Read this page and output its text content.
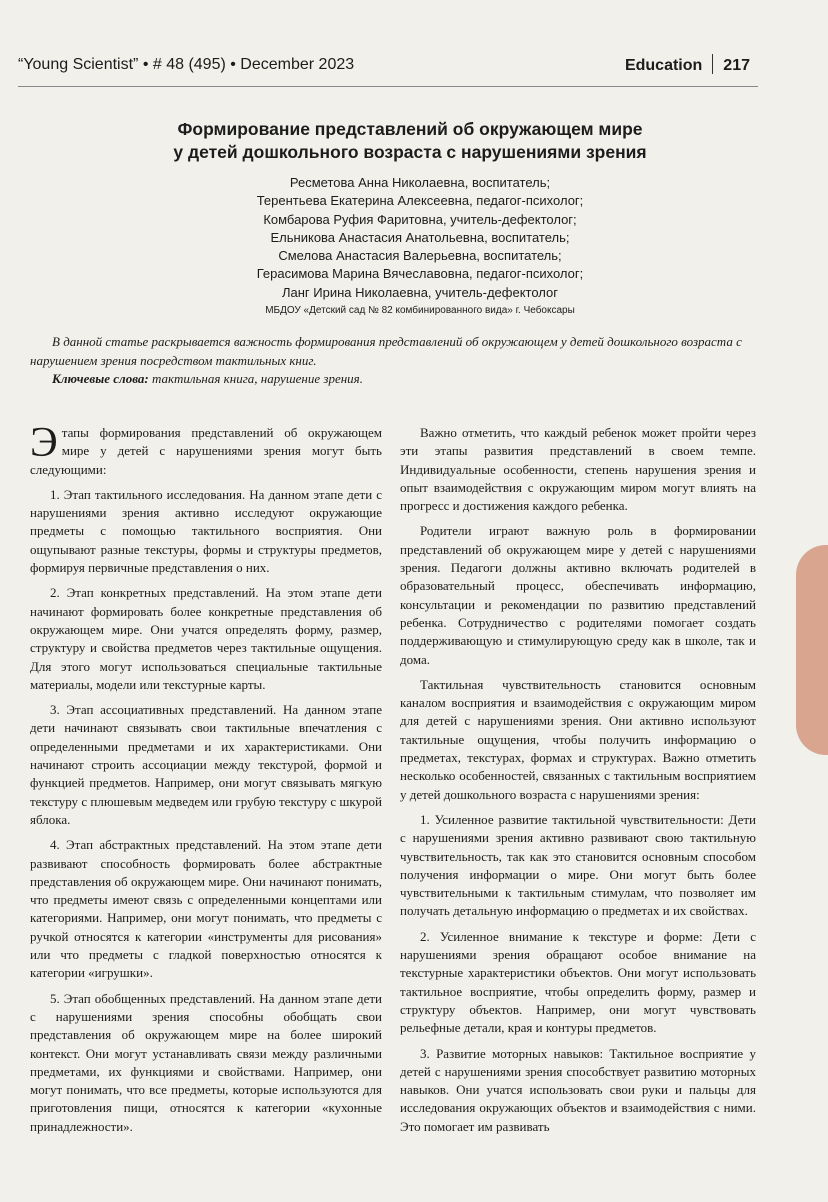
“Young Scientist” • # 48 (495) • December 2023	Education 217
Формирование представлений об окружающем мире
у детей дошкольного возраста с нарушениями зрения
Ресметова Анна Николаевна, воспитатель;
Терентьева Екатерина Алексеевна, педагог-психолог;
Комбарова Руфия Фаритовна, учитель-дефектолог;
Ельникова Анастасия Анатольевна, воспитатель;
Смелова Анастасия Валерьевна, воспитатель;
Герасимова Марина Вячеславовна, педагог-психолог;
Ланг Ирина Николаевна, учитель-дефектолог
МБДОУ «Детский сад № 82 комбинированного вида» г. Чебоксары

В данной статье раскрывается важность формирования представлений об окружающем у детей дошкольного возраста с нарушением зрения посредством тактильных книг.

Ключевые слова: тактильная книга, нарушение зрения.

Этапы формирования представлений об окружающем мире у детей с нарушениями зрения могут быть следующими:

1. Этап тактильного исследования. На данном этапе дети с нарушениями зрения активно исследуют окружающие предметы с помощью тактильного восприятия. Они ощупывают разные текстуры, формы и структуры предметов, формируя первичные представления о них.

2. Этап конкретных представлений. На этом этапе дети начинают формировать более конкретные представления об окружающем мире. Они учатся определять форму, размер, структуру и свойства предметов через тактильные ощущения. Для этого могут использоваться специальные тактильные материалы, модели или текстурные карты.

3. Этап ассоциативных представлений. На данном этапе дети начинают связывать свои тактильные впечатления с определенными предметами и их характеристиками. Они начинают строить ассоциации между текстурой, формой и функцией предметов. Например, они могут связывать мягкую текстуру с плюшевым медведем или грубую текстуру с шкурой яблока.

4. Этап абстрактных представлений. На этом этапе дети развивают способность формировать более абстрактные представления об окружающем мире. Они начинают понимать, что предметы имеют связь с определенными концептами или категориями. Например, они могут понимать, что предметы с ручкой относятся к категории «инструменты для рисования» или что предметы с гладкой поверхностью относятся к категории «игрушки».

5. Этап обобщенных представлений. На данном этапе дети с нарушениями зрения способны обобщать свои представления об окружающем мире на более широкий контекст. Они могут устанавливать связи между различными предметами, их функциями и свойствами. Например, они могут понимать, что все предметы, которые используются для приготовления пищи, относятся к категории «кухонные принадлежности».

Важно отметить, что каждый ребенок может пройти через эти этапы развития представлений в своем темпе. Индивидуальные особенности, степень нарушения зрения и опыт взаимодействия с окружающим миром могут влиять на прогресс и достижения каждого ребенка.

Родители играют важную роль в формировании представлений об окружающем мире у детей с нарушениями зрения. Педагоги должны активно включать родителей в образовательный процесс, обеспечивать информацию, консультации и рекомендации по развитию представлений ребенка. Сотрудничество с родителями помогает создать поддерживающую и стимулирующую среду как в школе, так и дома.

Тактильная чувствительность становится основным каналом восприятия и взаимодействия с окружающим миром для детей с нарушениями зрения. Они активно используют тактильные ощущения, чтобы получить информацию о предметах, текстурах, формах и структурах. Важно отметить несколько особенностей, связанных с тактильным восприятием у детей дошкольного возраста с нарушениями зрения:

1. Усиленное развитие тактильной чувствительности: Дети с нарушениями зрения активно развивают свою тактильную чувствительность, так как это становится основным способом получения информации о мире. Они могут быть более чувствительными к тактильным стимулам, что позволяет им получать детальную информацию о предметах и их свойствах.

2. Усиленное внимание к текстуре и форме: Дети с нарушениями зрения обращают особое внимание на текстурные характеристики объектов. Они могут использовать тактильное восприятие, чтобы определить форму, размер и структуру объектов. Например, они могут чувствовать рельефные детали, края и контуры предметов.

3. Развитие моторных навыков: Тактильное восприятие у детей с нарушениями зрения способствует развитию моторных навыков. Они учатся использовать свои руки и пальцы для исследования окружающих объектов и взаимодействия с ними. Это помогает им развивать
